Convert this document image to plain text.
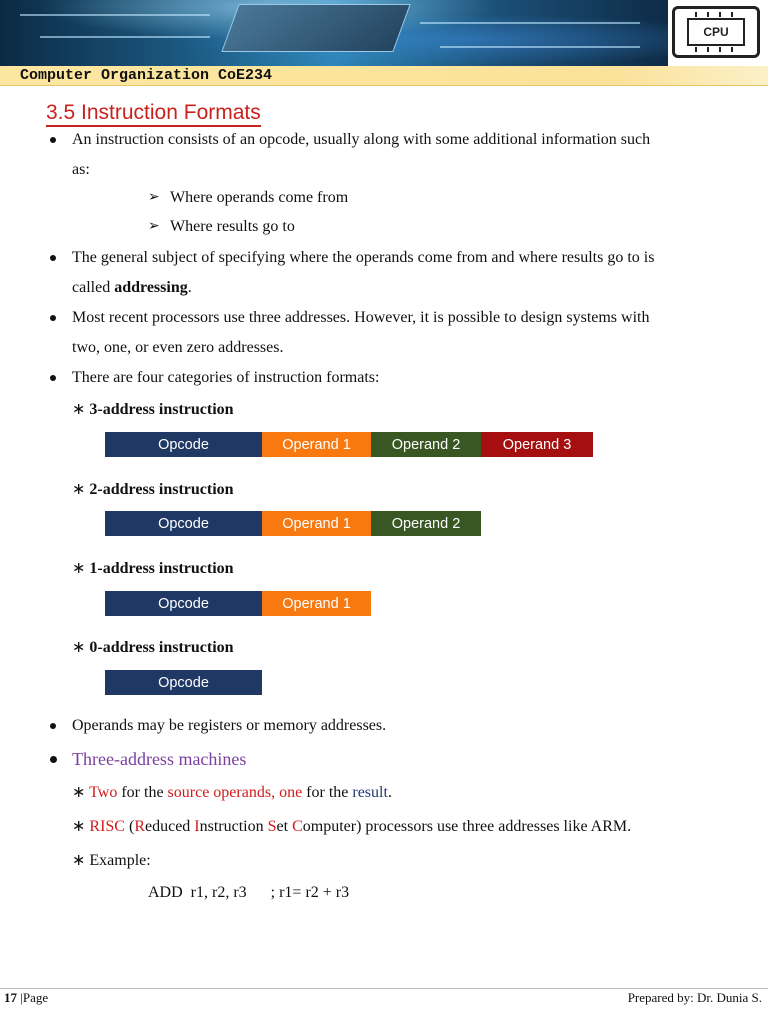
CPU
Computer Organization CoE234
3.5 Instruction Formats
An instruction consists of an opcode, usually along with some additional information such
as:
➢ Where operands come from
➢ Where results go to
The general subject of specifying where the operands come from and where results go to is
called addressing.
Most recent processors use three addresses. However, it is possible to design systems with
two, one, or even zero addresses.
There are four categories of instruction formats:
∗ 3-address instruction
Opcode	Operand 1	Operand 2	Operand 3
∗ 2-address instruction
Opcode	Operand 1	Operand 2
∗ 1-address instruction
Opcode	Operand 1
∗ 0-address instruction
Opcode
Operands may be registers or memory addresses.
Three-address machines
∗ Two for the source operands, one for the result.
∗ RISC (Reduced Instruction Set Computer) processors use three addresses like ARM.
∗ Example:
ADD  r1, r2, r3      ; r1= r2 + r3
17 |Page	Prepared by: Dr. Dunia S.
